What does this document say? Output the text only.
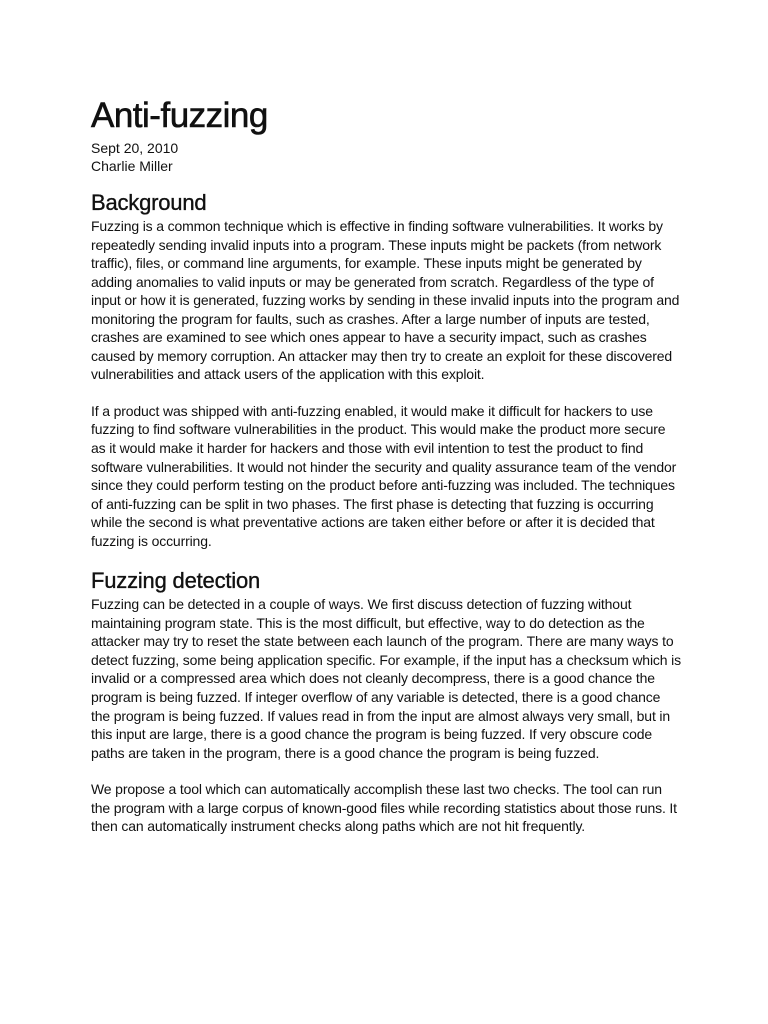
Anti-fuzzing

Sept 20, 2010

Charlie Miller

Background

Fuzzing is a common technique which is effective in finding software vulnerabilities. It works by repeatedly sending invalid inputs into a program. These inputs might be packets (from network traffic), files, or command line arguments, for example. These inputs might be generated by adding anomalies to valid inputs or may be generated from scratch. Regardless of the type of input or how it is generated, fuzzing works by sending in these invalid inputs into the program and monitoring the program for faults, such as crashes. After a large number of inputs are tested, crashes are examined to see which ones appear to have a security impact, such as crashes caused by memory corruption. An attacker may then try to create an exploit for these discovered vulnerabilities and attack users of the application with this exploit.

If a product was shipped with anti-fuzzing enabled, it would make it difficult for hackers to use fuzzing to find software vulnerabilities in the product. This would make the product more secure as it would make it harder for hackers and those with evil intention to test the product to find software vulnerabilities. It would not hinder the security and quality assurance team of the vendor since they could perform testing on the product before anti-fuzzing was included. The techniques of anti-fuzzing can be split in two phases. The first phase is detecting that fuzzing is occurring while the second is what preventative actions are taken either before or after it is decided that fuzzing is occurring.

Fuzzing detection

Fuzzing can be detected in a couple of ways. We first discuss detection of fuzzing without maintaining program state. This is the most difficult, but effective, way to do detection as the attacker may try to reset the state between each launch of the program. There are many ways to detect fuzzing, some being application specific. For example, if the input has a checksum which is invalid or a compressed area which does not cleanly decompress, there is a good chance the program is being fuzzed. If integer overflow of any variable is detected, there is a good chance the program is being fuzzed. If values read in from the input are almost always very small, but in this input are large, there is a good chance the program is being fuzzed. If very obscure code paths are taken in the program, there is a good chance the program is being fuzzed.

We propose a tool which can automatically accomplish these last two checks. The tool can run the program with a large corpus of known-good files while recording statistics about those runs. It then can automatically instrument checks along paths which are not hit frequently.
